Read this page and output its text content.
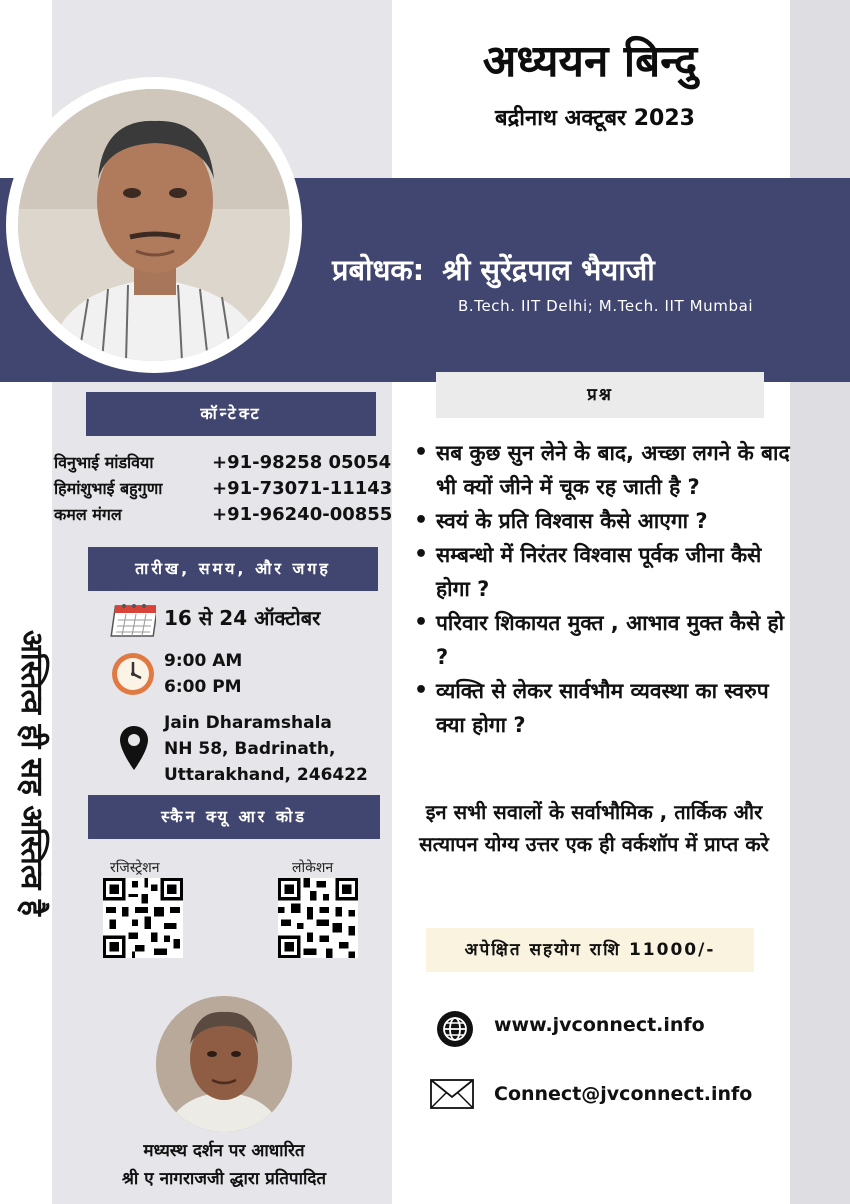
अध्ययन बिन्दु
बद्रीनाथ अक्टूबर 2023
प्रबोधक: श्री सुरेंद्रपाल भैयाजी
B.Tech. IIT Delhi; M.Tech. IIT Mumbai
कॉन्टेक्ट
विनुभाई मांडविया	+91-98258 05054
हिमांशुभाई बहुगुणा	+91-73071-11143
कमल मंगल	+91-96240-00855
तारीख, समय, और जगह
16 से 24 ऑक्टोबर
9:00 AM
6:00 PM
Jain Dharamshala
NH 58, Badrinath,
Uttarakhand, 246422
अस्तित्व ही सह अस्तित्व है	स्कैन क्यू आर कोड
रजिस्ट्रेशन	लोकेशन
मध्यस्थ दर्शन पर आधारित
श्री ए नागराजजी द्धारा प्रतिपादित
प्रश्न
• सब कुछ सुन लेने के बाद, अच्छा लगने के बाद भी क्यों जीने में चूक रह जाती है ?
• स्वयं के प्रति विश्वास कैसे आएगा ?
• सम्बन्धो में निरंतर विश्वास पूर्वक जीना कैसे होगा ?
• परिवार शिकायत मुक्त , आभाव मुक्त कैसे हो ?
• व्यक्ति से लेकर सार्वभौम व्यवस्था का स्वरुप क्या होगा ?
इन सभी सवालों के सर्वाभौमिक , तार्किक और सत्यापन योग्य उत्तर एक ही वर्कशॉप में प्राप्त करे
अपेक्षित सहयोग राशि 11000/-
www.jvconnect.info
Connect@jvconnect.info
